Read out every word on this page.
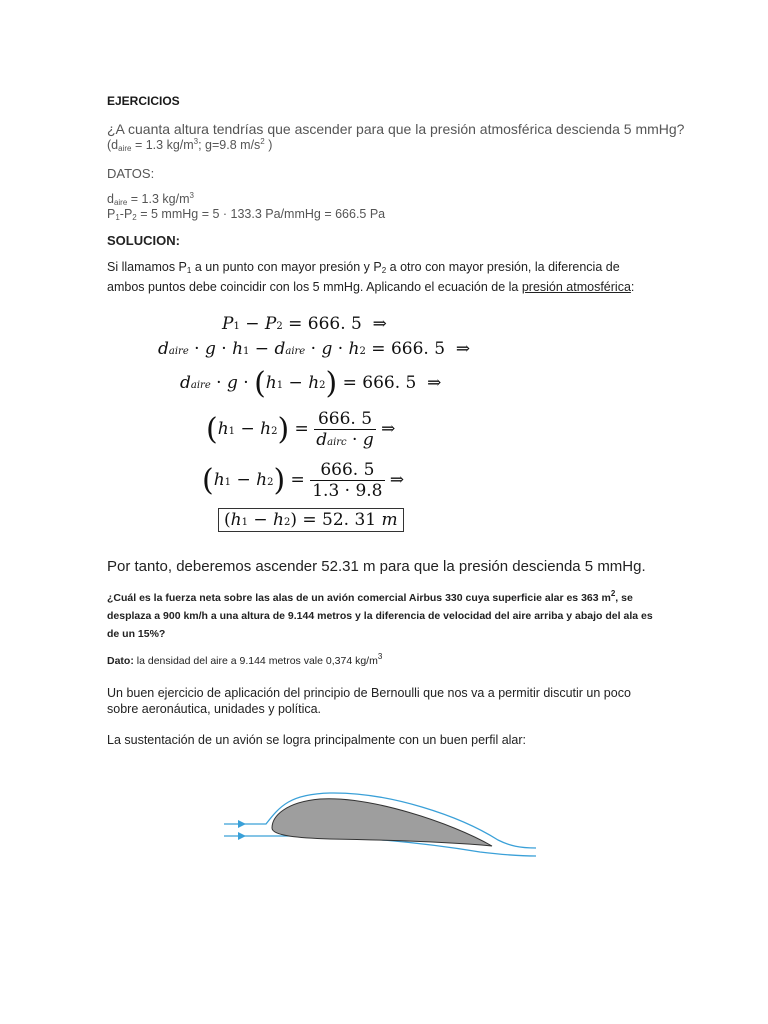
EJERCICIOS
¿A cuanta altura tendrías que ascender para que la presión atmosférica descienda 5 mmHg?
($d_{aire} = 1.3$ $kg/m^3$; g=9.8 $m/s^2$ )
DATOS:
$d_{aire} = 1.3$ $kg/m^3$
$P_1-P_2 = 5$ mmHg = 5 · 133.3 Pa/mmHg = 666.5 Pa
SOLUCION:
Si llamamos $P_1$ a un punto con mayor presión y $P_2$ a otro con mayor presión, la diferencia de
ambos puntos debe coincidir con los 5 mmHg. Aplicando el ecuación de la presión atmosférica:
P1 − P2 = 666. 5  ⇒
daire · g · h1 − daire · g · h2 = 666. 5  ⇒
daire · g · (h1 − h2) = 666. 5  ⇒
$(h1 - h2) = \frac{666. 5}{\text{dairc · g}}$ ⇒
$(h1 - h2) = \frac{666. 5}{1.3 \cdot 9.8}$ ⇒
(h1 − h2) = 52. 31 m
Por tanto, deberemos ascender 52.31 m para que la presión descienda 5 mmHg.
¿Cuál es la fuerza neta sobre las alas de un avión comercial Airbus 330 cuya superficie alar es 363 $m^2$, se desplaza a 900 km/h a una altura de 9.144 metros y la diferencia de velocidad del aire arriba y abajo del ala es de un 15%?
Dato: la densidad del aire a 9.144 metros vale 0,374 $kg/m^3$
Un buen ejercicio de aplicación del principio de Bernoulli que nos va a permitir discutir un poco
sobre aeronáutica, unidades y política.
La sustentación de un avión se logra principalmente con un buen perfil alar:
